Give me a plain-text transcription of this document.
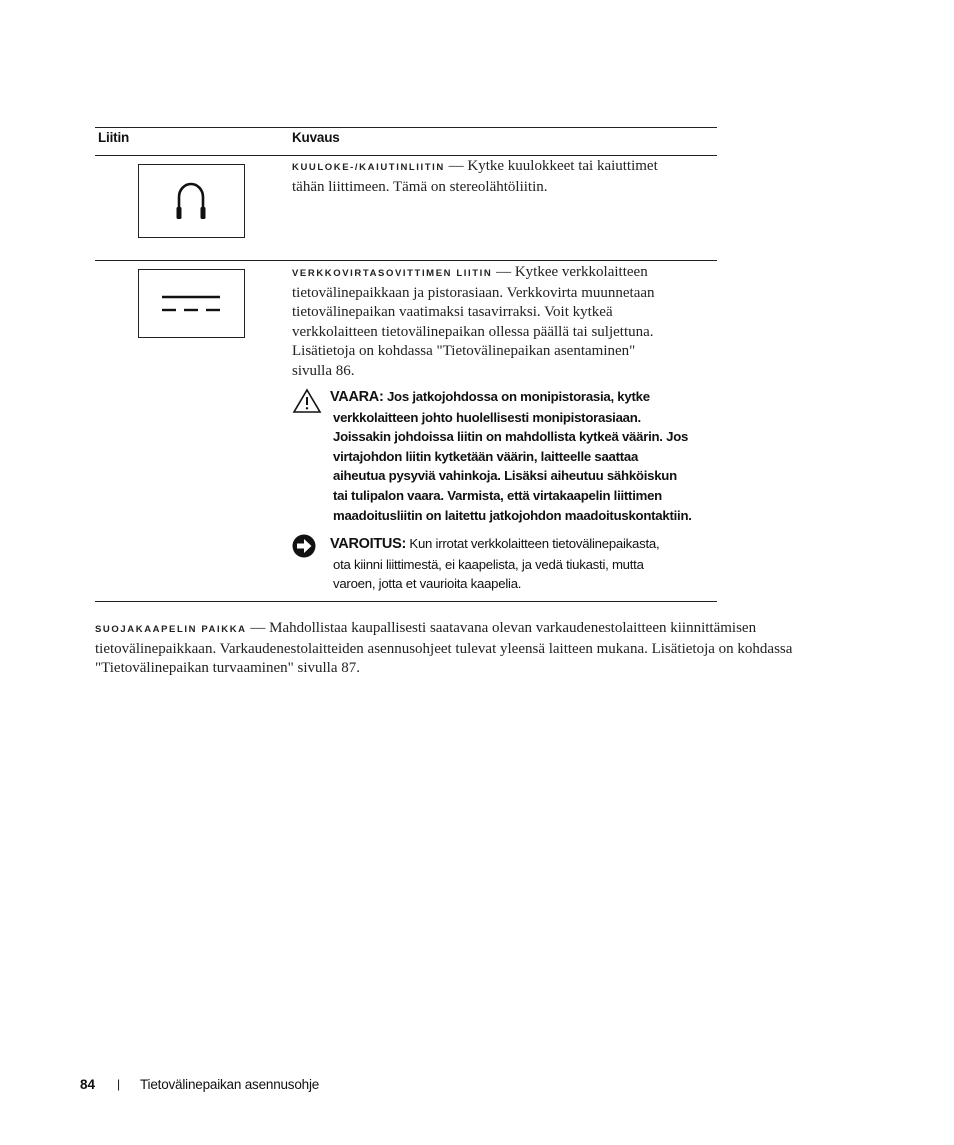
Liitin	Kuvaus
KUULOKE-/KAIUTINLIITIN — Kytke kuulokkeet tai kaiuttimet
tähän liittimeen. Tämä on stereolähtöliitin.
VERKKOVIRTASOVITTIMEN LIITIN — Kytkee verkkolaitteen
tietovälinepaikkaan ja pistorasiaan. Verkkovirta muunnetaan
tietovälinepaikan vaatimaksi tasavirraksi. Voit kytkeä
verkkolaitteen tietovälinepaikan ollessa päällä tai suljettuna.
Lisätietoja on kohdassa "Tietovälinepaikan asentaminen"
sivulla 86.
VAARA: Jos jatkojohdossa on monipistorasia, kytke
verkkolaitteen johto huolellisesti monipistorasiaan.
Joissakin johdoissa liitin on mahdollista kytkeä väärin. Jos
virtajohdon liitin kytketään väärin, laitteelle saattaa
aiheutua pysyviä vahinkoja. Lisäksi aiheutuu sähköiskun
tai tulipalon vaara. Varmista, että virtakaapelin liittimen
maadoitusliitin on laitettu jatkojohdon maadoituskontaktiin.
VAROITUS: Kun irrotat verkkolaitteen tietovälinepaikasta,
ota kiinni liittimestä, ei kaapelista, ja vedä tiukasti, mutta
varoen, jotta et vaurioita kaapelia.
SUOJAKAAPELIN PAIKKA — Mahdollistaa kaupallisesti saatavana olevan varkaudenestolaitteen kiinnittämisen
tietovälinepaikkaan. Varkaudenestolaitteiden asennusohjeet tulevat yleensä laitteen mukana. Lisätietoja on kohdassa
"Tietovälinepaikan turvaaminen" sivulla 87.
84 | Tietovälinepaikan asennusohje
